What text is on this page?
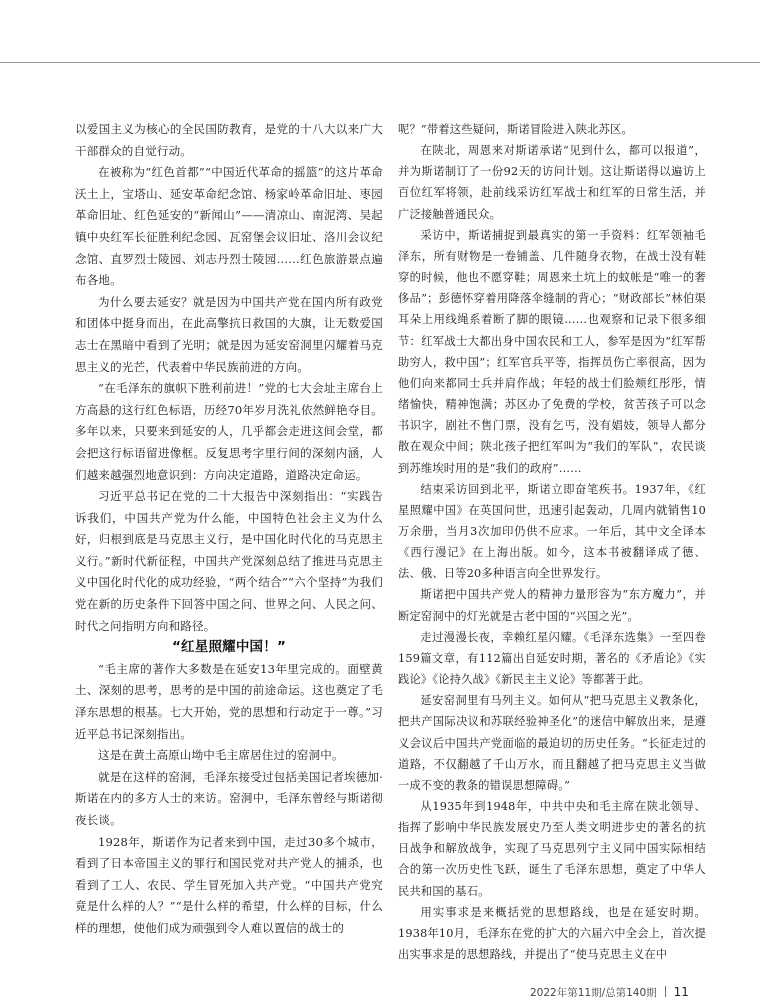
以爱国主义为核心的全民国防教育，是党的十八大以来广大干部群众的自觉行动。

在被称为“红色首都”“中国近代革命的摇篮”的这片革命沃土上，宝塔山、延安革命纪念馆、杨家岭革命旧址、枣园革命旧址、红色延安的“新闻山”——清凉山、南泥湾、吴起镇中央红军长征胜利纪念园、瓦窑堡会议旧址、洛川会议纪念馆、直罗烈士陵园、刘志丹烈士陵园……红色旅游景点遍布各地。

为什么要去延安？就是因为中国共产党在国内所有政党和团体中挺身而出，在此高擎抗日救国的大旗，让无数爱国志士在黑暗中看到了光明；就是因为延安窑洞里闪耀着马克思主义的光芒，代表着中华民族前进的方向。

“在毛泽东的旗帜下胜利前进！”党的七大会址主席台上方高悬的这行红色标语，历经70年岁月洗礼依然鲜艳夺目。多年以来，只要来到延安的人，几乎都会走进这间会堂，都会把这行标语留进像框。反复思考字里行间的深刻内涵，人们越来越强烈地意识到：方向决定道路，道路决定命运。

习近平总书记在党的二十大报告中深刻指出：“实践告诉我们，中国共产党为什么能，中国特色社会主义为什么好，归根到底是马克思主义行，是中国化时代化的马克思主义行。”新时代新征程，中国共产党深刻总结了推进马克思主义中国化时代化的成功经验，“两个结合”“六个坚持”为我们党在新的历史条件下回答中国之问、世界之问、人民之问、时代之问指明方向和路径。

“红星照耀中国！”

“毛主席的著作大多数是在延安13年里完成的。面壁黄土、深刻的思考，思考的是中国的前途命运。这也奠定了毛泽东思想的根基。七大开始，党的思想和行动定于一尊。”习近平总书记深刻指出。

这是在黄土高原山坳中毛主席居住过的窑洞中。

就是在这样的窑洞，毛泽东接受过包括美国记者埃德加·斯诺在内的多方人士的来访。窑洞中，毛泽东曾经与斯诺彻夜长谈。

1928年，斯诺作为记者来到中国，走过30多个城市，看到了日本帝国主义的罪行和国民党对共产党人的捕杀，也看到了工人、农民、学生冒死加入共产党。“中国共产党究竟是什么样的人？”“是什么样的希望，什么样的目标，什么样的理想，使他们成为顽强到令人难以置信的战士的

呢？”带着这些疑问，斯诺冒险进入陕北苏区。

在陕北，周恩来对斯诺承诺“见到什么，都可以报道”，并为斯诺制订了一份92天的访问计划。这让斯诺得以遍访上百位红军将领，赴前线采访红军战士和红军的日常生活，并广泛接触普通民众。

采访中，斯诺捕捉到最真实的第一手资料：红军领袖毛泽东，所有财物是一卷铺盖、几件随身衣物，在战士没有鞋穿的时候，他也不愿穿鞋；周恩来土坑上的蚊帐是“唯一的奢侈品”；彭德怀穿着用降落伞缝制的背心；“财政部长”林伯渠耳朵上用线绳系着断了脚的眼镜……也观察和记录下很多细节：红军战士大都出身中国农民和工人，参军是因为“红军帮助穷人，救中国”；红军官兵平等，指挥员伤亡率很高，因为他们向来都同士兵并肩作战；年轻的战士们脸颊红彤彤，情绪愉快，精神饱满；苏区办了免费的学校，贫苦孩子可以念书识字，剧社不售门票，没有乞丐，没有娼妓，领导人都分散在观众中间；陕北孩子把红军叫为“我们的军队”，农民谈到苏维埃时用的是“我们的政府”……

结束采访回到北平，斯诺立即奋笔疾书。1937年，《红星照耀中国》在英国问世，迅速引起轰动，几周内就销售10万余册，当月3次加印仍供不应求。一年后，其中文全译本《西行漫记》在上海出版。如今，这本书被翻译成了德、法、俄、日等20多种语言向全世界发行。

斯诺把中国共产党人的精神力量形容为“东方魔力”，并断定窑洞中的灯光就是古老中国的“兴国之光”。

走过漫漫长夜，幸赖红星闪耀。《毛泽东选集》一至四卷159篇文章，有112篇出自延安时期，著名的《矛盾论》《实践论》《论持久战》《新民主主义论》等都著于此。

延安窑洞里有马列主义。如何从“把马克思主义教条化，把共产国际决议和苏联经验神圣化”的迷信中解放出来，是遵义会议后中国共产党面临的最迫切的历史任务。“长征走过的道路，不仅翻越了千山万水，而且翻越了把马克思主义当做一成不变的教条的错误思想障碍。”

从1935年到1948年，中共中央和毛主席在陕北领导、指挥了影响中华民族发展史乃至人类文明进步史的著名的抗日战争和解放战争，实现了马克思列宁主义同中国实际相结合的第一次历史性飞跃，诞生了毛泽东思想，奠定了中华人民共和国的基石。

用实事求是来概括党的思想路线，也是在延安时期。1938年10月，毛泽东在党的扩大的六届六中全会上，首次提出实事求是的思想路线，并提出了“使马克思主义在中

2022年第11期/总第140期 11
